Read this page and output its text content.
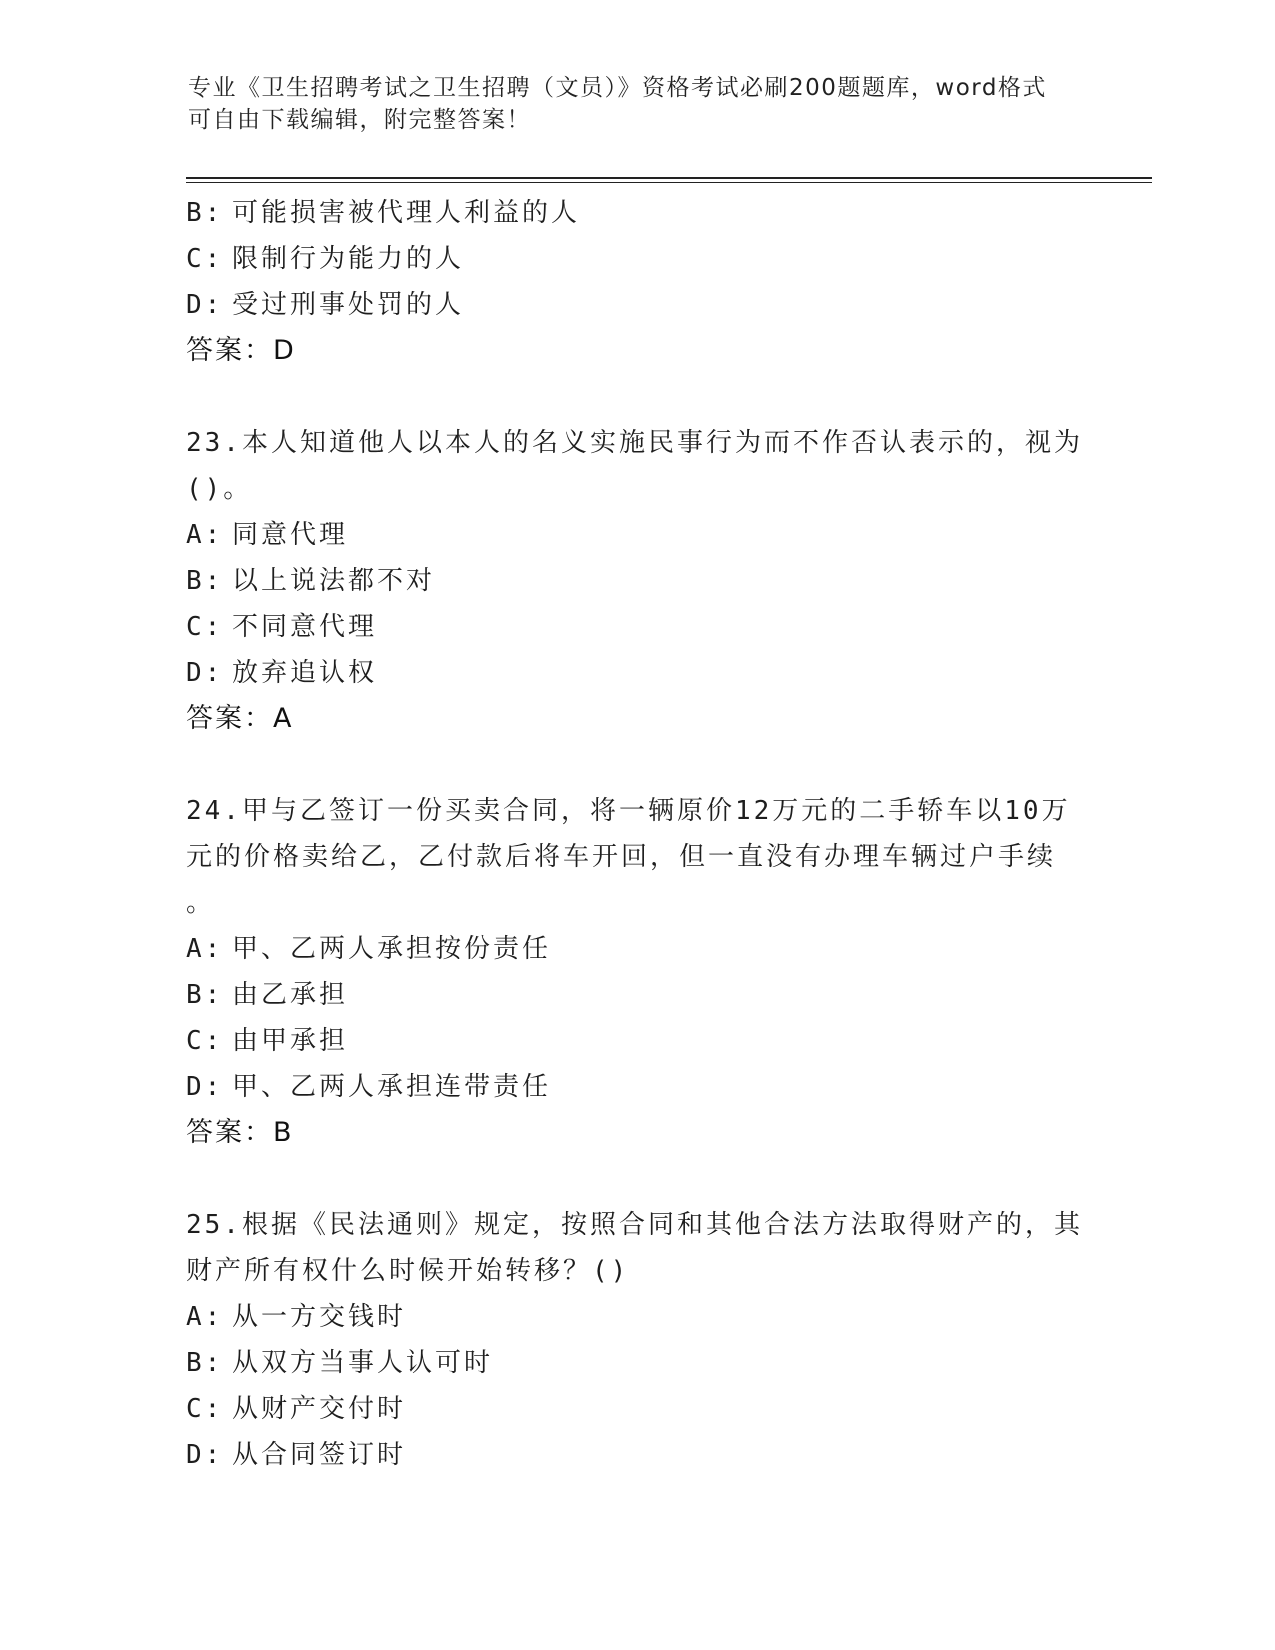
专业《卫生招聘考试之卫生招聘（文员）》资格考试必刷200题题库，word格式
可自由下载编辑，附完整答案！
B: 可能损害被代理人利益的人
C: 限制行为能力的人
D: 受过刑事处罚的人
答案：D
23.本人知道他人以本人的名义实施民事行为而不作否认表示的，视为
()。
A: 同意代理
B: 以上说法都不对
C: 不同意代理
D: 放弃追认权
答案：A
24.甲与乙签订一份买卖合同，将一辆原价12万元的二手轿车以10万
元的价格卖给乙，乙付款后将车开回，但一直没有办理车辆过户手续
。
A: 甲、乙两人承担按份责任
B: 由乙承担
C: 由甲承担
D: 甲、乙两人承担连带责任
答案：B
25.根据《民法通则》规定，按照合同和其他合法方法取得财产的，其
财产所有权什么时候开始转移？()
A: 从一方交钱时
B: 从双方当事人认可时
C: 从财产交付时
D: 从合同签订时
